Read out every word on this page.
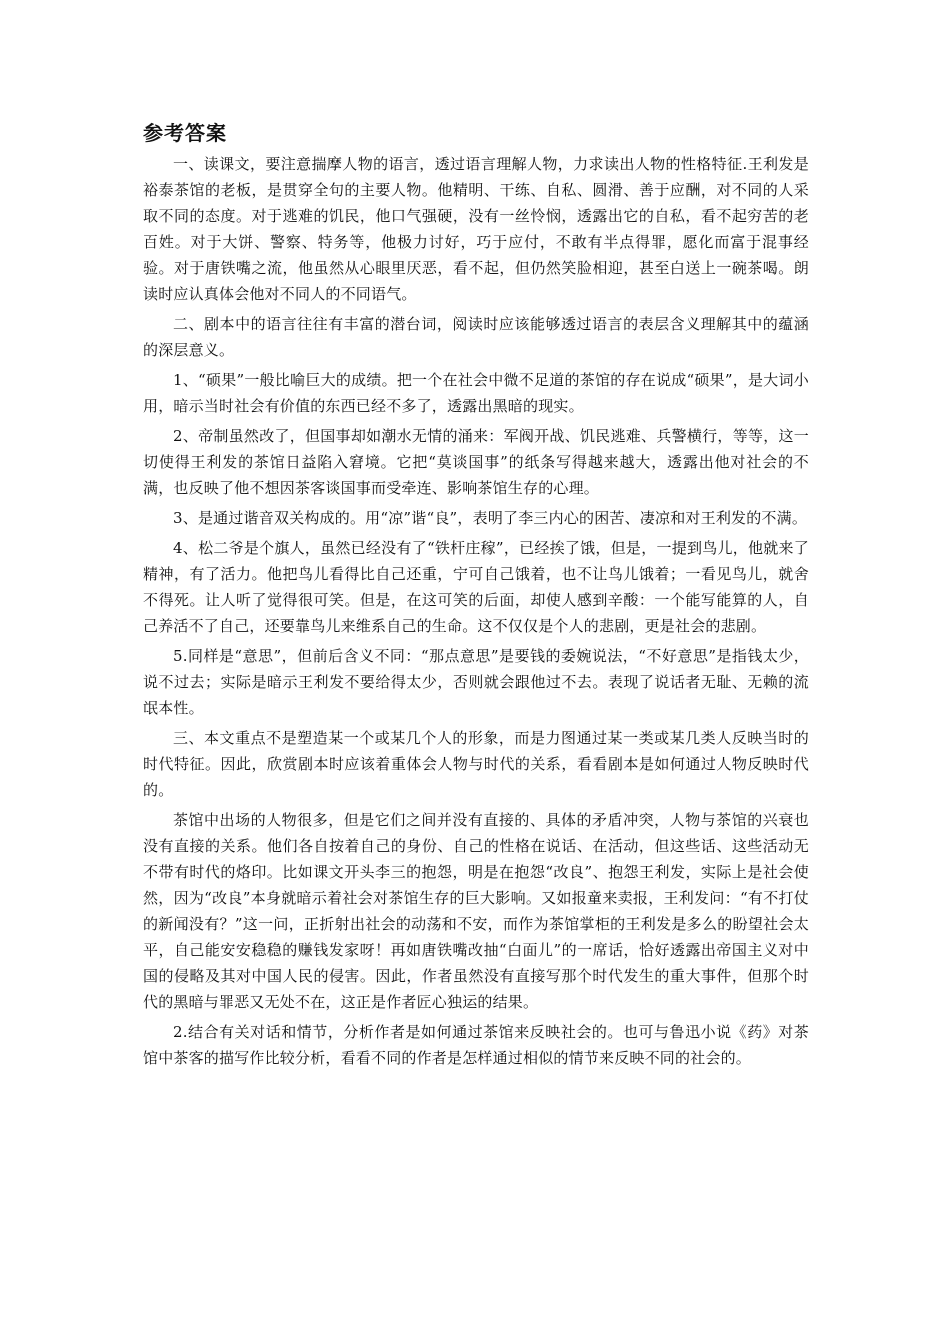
参考答案

一、读课文，要注意揣摩人物的语言，透过语言理解人物，力求读出人物的性格特征.王利发是裕泰茶馆的老板，是贯穿全句的主要人物。他精明、干练、自私、圆滑、善于应酬，对不同的人采取不同的态度。对于逃难的饥民，他口气强硬，没有一丝怜悯，透露出它的自私，看不起穷苦的老百姓。对于大饼、警察、特务等，他极力讨好，巧于应付，不敢有半点得罪，愿化而富于混事经验。对于唐铁嘴之流，他虽然从心眼里厌恶，看不起，但仍然笑脸相迎，甚至白送上一碗茶喝。朗读时应认真体会他对不同人的不同语气。

二、剧本中的语言往往有丰富的潜台词，阅读时应该能够透过语言的表层含义理解其中的蕴涵的深层意义。

1、“硕果”一般比喻巨大的成绩。把一个在社会中微不足道的茶馆的存在说成“硕果”，是大词小用，暗示当时社会有价值的东西已经不多了，透露出黑暗的现实。

2、帝制虽然改了，但国事却如潮水无情的涌来：军阀开战、饥民逃难、兵警横行，等等，这一切使得王利发的茶馆日益陷入窘境。它把“莫谈国事”的纸条写得越来越大，透露出他对社会的不满，也反映了他不想因茶客谈国事而受牵连、影响茶馆生存的心理。

3、是通过谐音双关构成的。用“凉”谐“良”，表明了李三内心的困苦、凄凉和对王利发的不满。

4、松二爷是个旗人，虽然已经没有了“铁杆庄稼”，已经挨了饿，但是，一提到鸟儿，他就来了精神，有了活力。他把鸟儿看得比自己还重，宁可自己饿着，也不让鸟儿饿着；一看见鸟儿，就舍不得死。让人听了觉得很可笑。但是，在这可笑的后面，却使人感到辛酸：一个能写能算的人，自己养活不了自己，还要靠鸟儿来维系自己的生命。这不仅仅是个人的悲剧，更是社会的悲剧。

5.同样是“意思”，但前后含义不同：“那点意思”是要钱的委婉说法，“不好意思”是指钱太少，说不过去；实际是暗示王利发不要给得太少，否则就会跟他过不去。表现了说话者无耻、无赖的流氓本性。

三、本文重点不是塑造某一个或某几个人的形象，而是力图通过某一类或某几类人反映当时的时代特征。因此，欣赏剧本时应该着重体会人物与时代的关系，看看剧本是如何通过人物反映时代的。

茶馆中出场的人物很多，但是它们之间并没有直接的、具体的矛盾冲突，人物与茶馆的兴衰也没有直接的关系。他们各自按着自己的身份、自己的性格在说话、在活动，但这些话、这些活动无不带有时代的烙印。比如课文开头李三的抱怨，明是在抱怨“改良”、抱怨王利发，实际上是社会使然，因为“改良”本身就暗示着社会对茶馆生存的巨大影响。又如报童来卖报，王利发问：“有不打仗的新闻没有？”这一问，正折射出社会的动荡和不安，而作为茶馆掌柜的王利发是多么的盼望社会太平，自己能安安稳稳的赚钱发家呀！再如唐铁嘴改抽“白面儿”的一席话，恰好透露出帝国主义对中国的侵略及其对中国人民的侵害。因此，作者虽然没有直接写那个时代发生的重大事件，但那个时代的黑暗与罪恶又无处不在，这正是作者匠心独运的结果。

2.结合有关对话和情节，分析作者是如何通过茶馆来反映社会的。也可与鲁迅小说《药》对茶馆中茶客的描写作比较分析，看看不同的作者是怎样通过相似的情节来反映不同的社会的。
